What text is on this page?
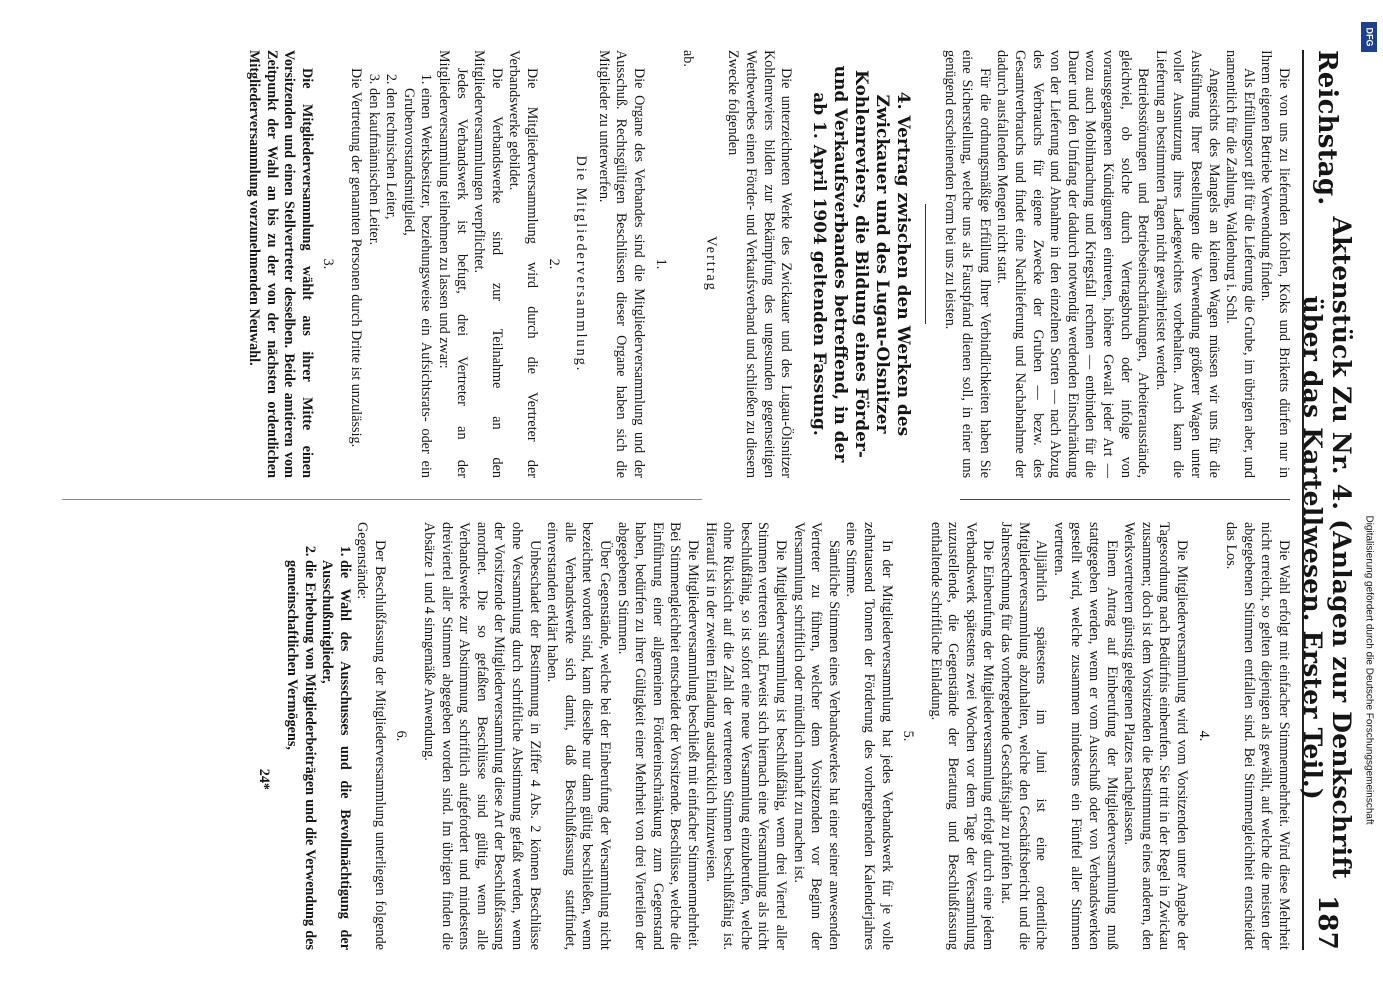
Reichstag.
Aktenstück Zu Nr. 4. (Anlagen zur Denkschrift über das Kartellwesen. Erster Teil.)
187

Die von uns zu liefernden Kohlen, Koks und Briketts dürfen nur in Ihrem eigenen Betriebe Verwendung finden.

Als Erfüllungsort gilt für die Lieferung die Grube, im übrigen aber, und namentlich für die Zahlung, Waldenburg i. Schl.

Angesichts des Mangels an kleinen Wagen müssen wir uns für die Ausführung Ihrer Bestellungen die Verwendung größerer Wagen unter voller Ausnutzung ihres Ladegewichtes vorbehalten. Auch kann die Lieferung an bestimmten Tagen nicht gewährleistet werden.

Betriebsstörungen und Betriebseinschränkungen, Arbeiterausstände, gleichviel, ob solche durch Vertragsbruch oder infolge von vorausgegangenen Kündigungen eintreten, höhere Gewalt jeder Art — wozu auch Mobilmachung und Kriegsfall rechnen — entbinden für die Dauer und den Umfang der dadurch notwendig werdenden Einschränkung von der Lieferung und Abnahme in den einzelnen Sorten — nach Abzug des Verbrauchs für eigene Zwecke der Gruben — bezw. des Gesamtverbrauchs und findet eine Nachlieferung und Nachabnahme der dadurch ausfallenden Mengen nicht statt.

Für die ordnungsmäßige Erfüllung Ihrer Verbindlichkeiten haben Sie eine Sicherstellung, welche uns als Faustpfand dienen soll, in einer uns genügend erscheinenden Form bei uns zu leisten.

4. Vertrag zwischen den Werken des Zwickauer und des Lugau-Olsnitzer Kohlenreviers, die Bildung eines Förder- und Verkaufsverbandes betreffend, in der ab 1. April 1904 geltenden Fassung.

Die unterzeichneten Werke des Zwickauer und des Lugau-Ölsnitzer Kohlenreviers bilden zur Bekämpfung des ungesunden gegenseitigen Wettbewerbes einen Förder- und Verkaufsverband und schließen zu diesem Zwecke folgenden

Vertrag

ab.

1.

Die Organe des Verbandes sind die Mitgliederversammlung und der Ausschuß. Rechtsgültigen Beschlüssen dieser Organe haben sich die Mitglieder zu unterwerfen.

Die Mitgliederversammlung.
2.

Die Mitgliederversammlung wird durch die Vertreter der Verbandswerke gebildet.

Die Verbandswerke sind zur Teilnahme an den Mitgliederversammlungen verpflichtet.

Jedes Verbandswerk ist befugt, drei Vertreter an der Mitgliederversammlung teilnehmen zu lassen und zwar:

1. einen Werksbesitzer, beziehungsweise ein Aufsichtsrats- oder ein Grubenvorstandsmitglied,
2. den technischen Leiter,
3. den kaufmännischen Leiter.

Die Vertretung der genannten Personen durch Dritte ist unzulässig.

3.

Die Mitgliederversammlung wählt aus ihrer Mitte einen Vorsitzenden und einen Stellvertreter desselben. Beide amtieren vom Zeitpunkt der Wahl an bis zu der von der nächsten ordentlichen Mitgliederversammlung vorzunehmenden Neuwahl.

Die Wahl erfolgt mit einfacher Stimmenmehrheit. Wird diese Mehrheit nicht erreicht, so gelten diejenigen als gewählt, auf welche die meisten der abgegebenen Stimmen entfallen sind. Bei Stimmengleichheit entscheidet das Los.

4.

Die Mitgliederversammlung wird vom Vorsitzenden unter Angabe der Tagesordnung nach Bedürfnis einberufen. Sie tritt in der Regel in Zwickau zusammen; doch ist dem Vorsitzenden die Bestimmung eines anderen, den Werksvertretern günstig gelegenen Platzes nachgelassen.

Einem Antrag auf Einberufung der Mitgliederversammlung muß stattgegeben werden, wenn er vom Ausschuß oder von Verbandswerken gestellt wird, welche zusammen mindestens ein Fünftel aller Stimmen vertreten.

Alljährlich spätestens im Juni ist eine ordentliche Mitgliederversammlung abzuhalten, welche den Geschäftsbericht und die Jahresrechnung für das vorhergehende Geschäftsjahr zu prüfen hat.

Die Einberufung der Mitgliederversammlung erfolgt durch eine jedem Verbandswerk spätestens zwei Wochen vor dem Tage der Versammlung zuzustellende, die Gegenstände der Beratung und Beschlußfassung enthaltende schriftliche Einladung.

5.

In der Mitgliederversammlung hat jedes Verbandswerk für je volle zehntausend Tonnen der Förderung des vorhergehenden Kalenderjahres eine Stimme.

Sämtliche Stimmen eines Verbandswerkes hat einer seiner anwesenden Vertreter zu führen, welcher dem Vorsitzenden vor Beginn der Versammlung schriftlich oder mündlich namhaft zu machen ist.

Die Mitgliederversammlung ist beschlußfähig, wenn drei Viertel aller Stimmen vertreten sind. Erweist sich hiernach eine Versammlung als nicht beschlußfähig, so ist sofort eine neue Versammlung einzuberufen, welche ohne Rücksicht auf die Zahl der vertretenen Stimmen beschlußfähig ist. Hierauf ist in der zweiten Einladung ausdrücklich hinzuweisen.

Die Mitgliederversammlung beschließt mit einfacher Stimmenmehrheit. Bei Stimmengleichheit entscheidet der Vorsitzende. Beschlüsse, welche die Einführung einer allgemeinen Fördereinschränkung zum Gegenstand haben, bedürfen zu ihrer Gültigkeit einer Mehrheit von drei Vierteilen der abgegebenen Stimmen.

Über Gegenstände, welche bei der Einberufung der Versammlung nicht bezeichnet worden sind, kann dieselbe nur dann gültig beschließen, wenn alle Verbandswerke sich damit, daß Beschlußfassung stattfindet, einverstanden erklärt haben.

Unbeschadet der Bestimmung in Ziffer 4 Abs. 2 können Beschlüsse ohne Versammlung durch schriftliche Abstimmung gefaßt werden, wenn der Vorsitzende der Mitgliederversammlung diese Art der Beschlußfassung anordnet. Die so gefaßten Beschlüsse sind gültig, wenn alle Verbandswerke zur Abstimmung schriftlich aufgefordert und mindestens dreiviertel aller Stimmen abgegeben worden sind. Im übrigen finden die Absätze 1 und 4 sinngemäße Anwendung.

6.

Der Beschlußfassung der Mitgliederversammlung unterliegen folgende Gegenstände:

1. die Wahl des Ausschusses und die Bevollmächtigung der Ausschußmitglieder,
2. die Erhebung von Mitgliederbeiträgen und die Verwendung des gemeinschaftlichen Vermögens,
24*
DFG
Digitalisierung gefördert durch die Deutsche Forschungsgemeinschaft
